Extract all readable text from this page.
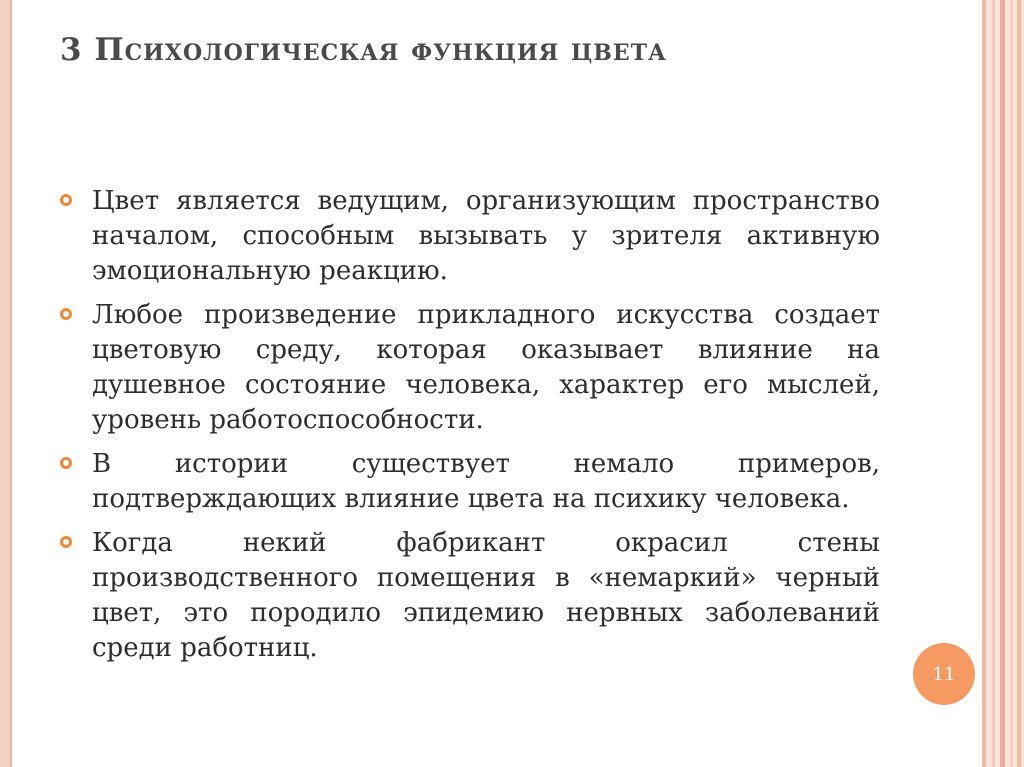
3 Психологическая функция цвета
Цвет является ведущим, организующим пространство началом, способным вызывать у зрителя активную эмоциональную реакцию.
Любое произведение прикладного искусства создает цветовую среду, которая оказывает влияние на душевное состояние человека, характер его мыслей, уровень работоспособности.
В истории существует немало примеров, подтверждающих влияние цвета на психику человека.
Когда некий фабрикант окрасил стены производственного помещения в «немаркий» черный цвет, это породило эпидемию нервных заболеваний среди работниц.
11
